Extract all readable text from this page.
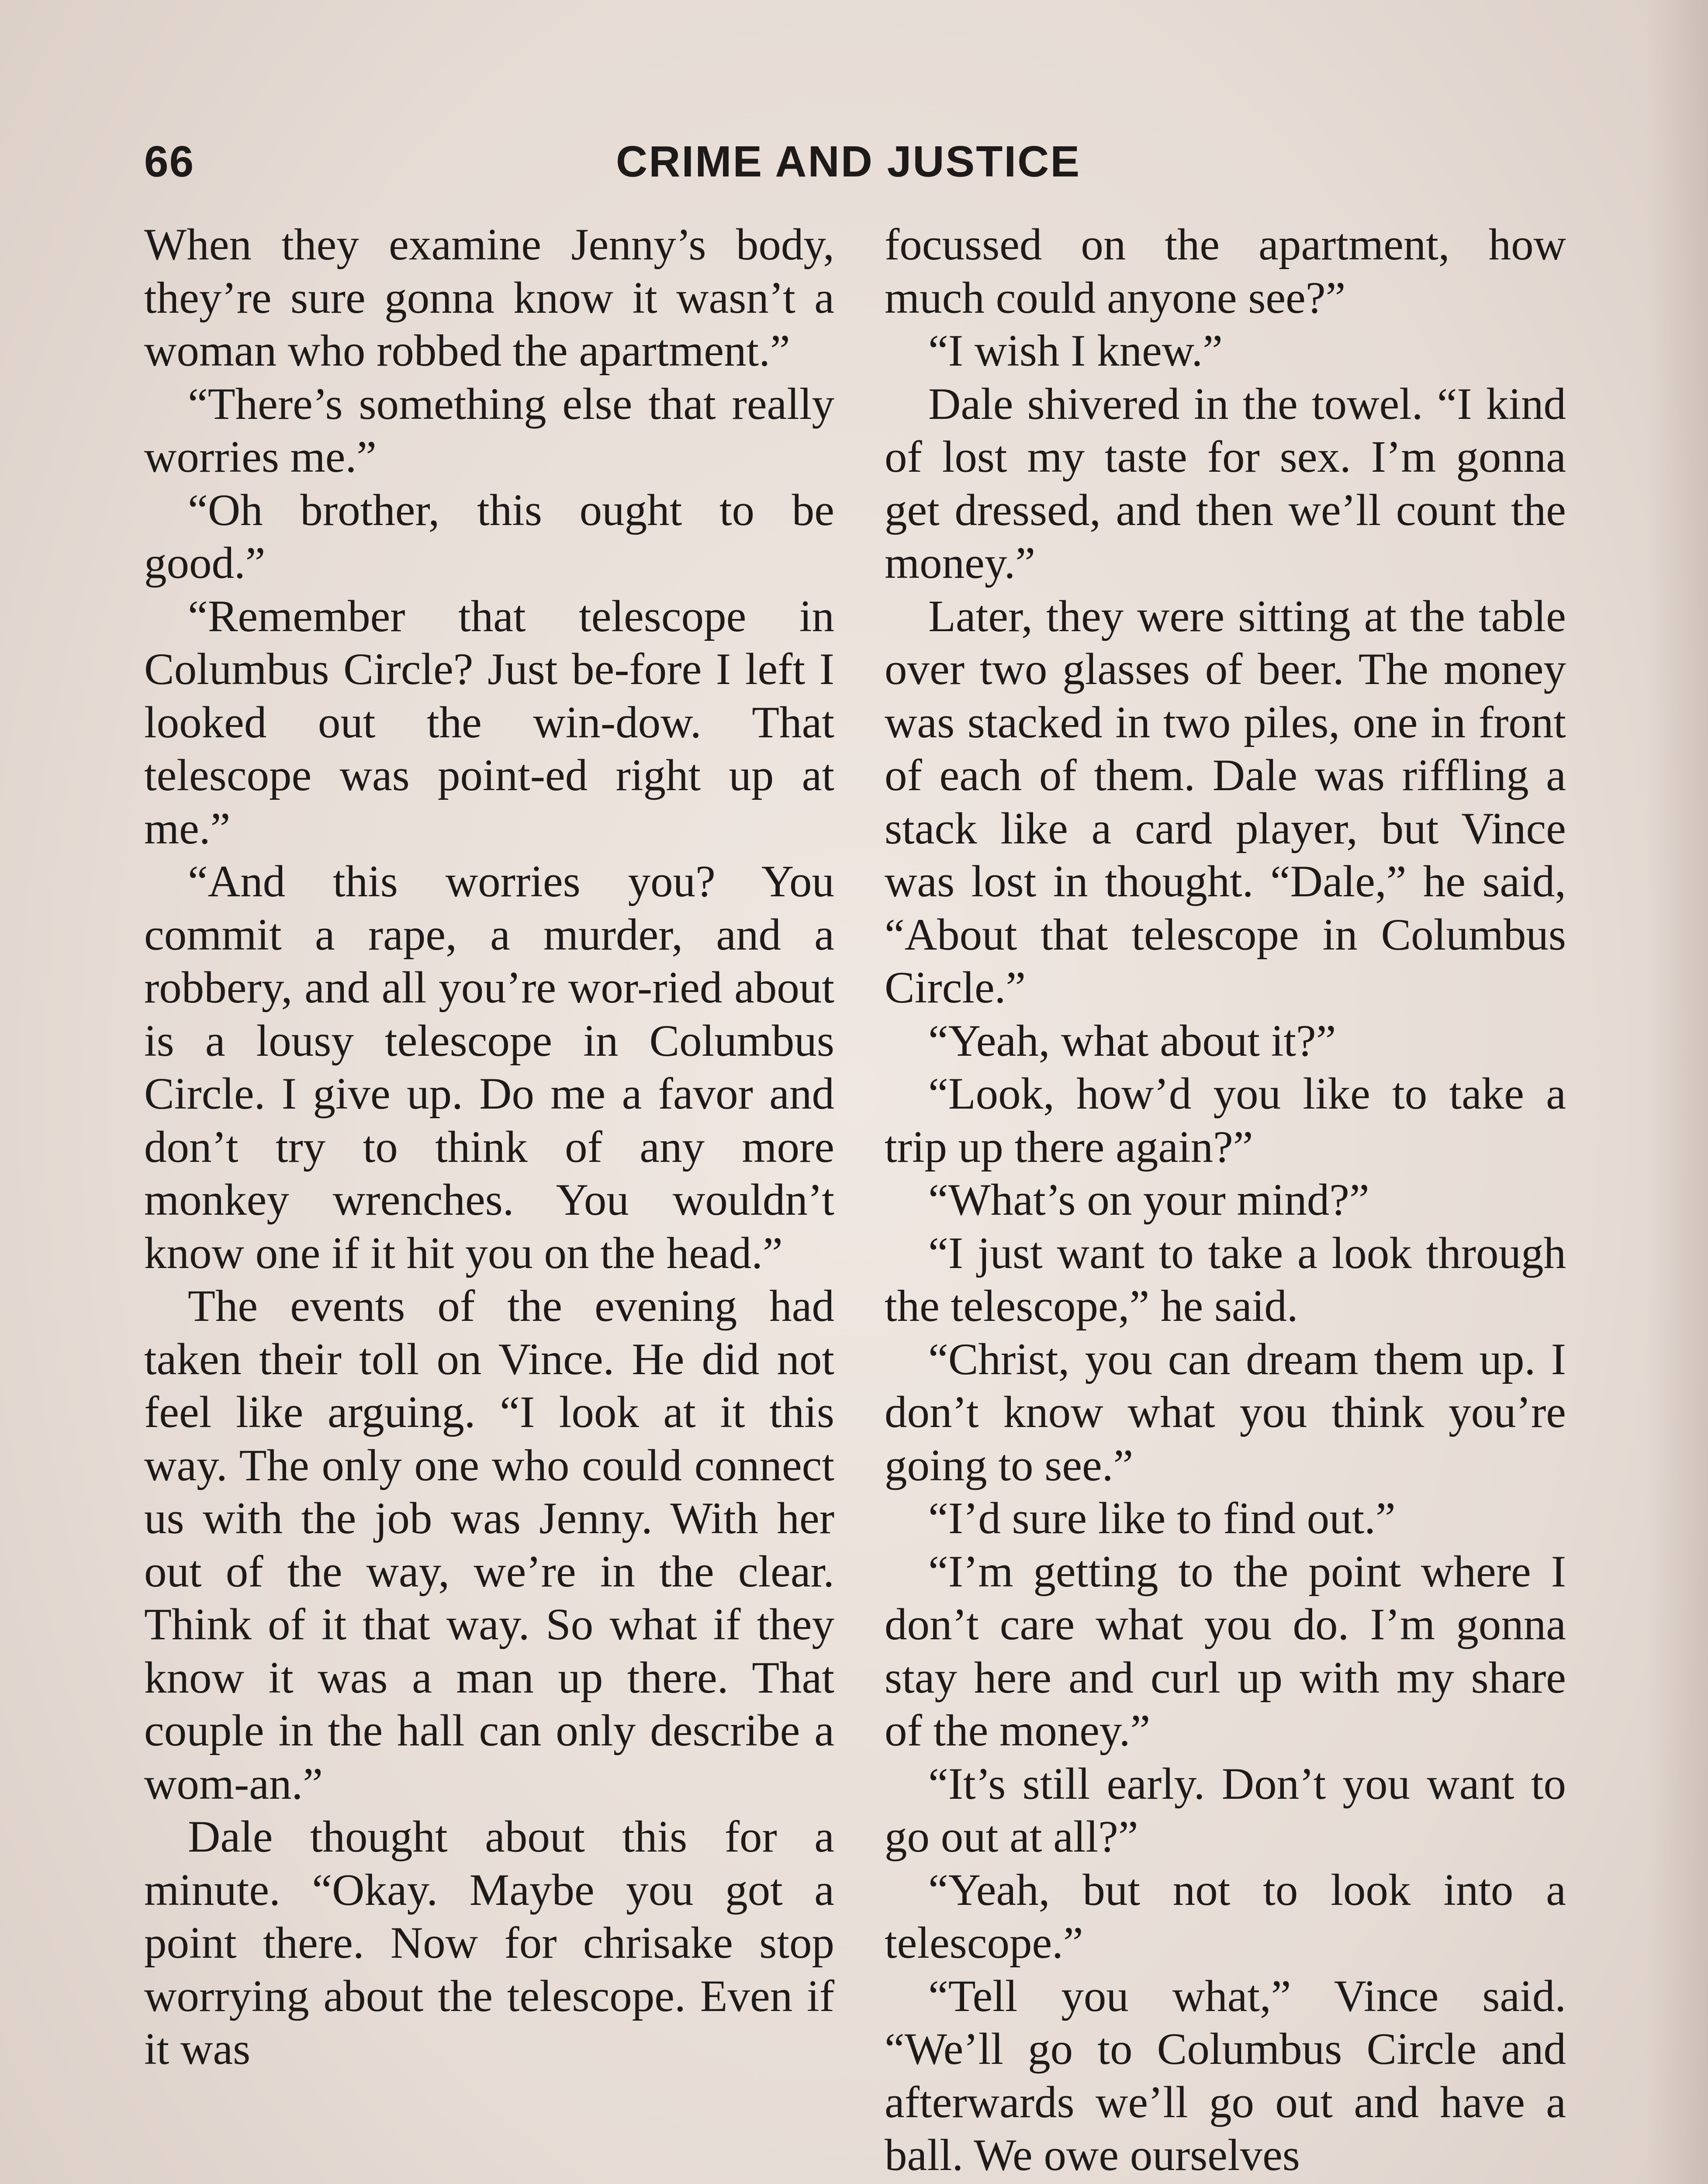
66	CRIME AND JUSTICE

When they examine Jenny’s body, they’re sure gonna know it wasn’t a woman who robbed the apartment.”

“There’s something else that really worries me.”

“Oh brother, this ought to be good.”

“Remember that telescope in Columbus Circle? Just be-fore I left I looked out the win-dow. That telescope was point-ed right up at me.”

“And this worries you? You commit a rape, a murder, and a robbery, and all you’re wor-ried about is a lousy telescope in Columbus Circle. I give up. Do me a favor and don’t try to think of any more monkey wrenches. You wouldn’t know one if it hit you on the head.”

The events of the evening had taken their toll on Vince. He did not feel like arguing. “I look at it this way. The only one who could connect us with the job was Jenny. With her out of the way, we’re in the clear. Think of it that way. So what if they know it was a man up there. That couple in the hall can only describe a wom-an.”

Dale thought about this for a minute. “Okay. Maybe you got a point there. Now for chrisake stop worrying about the telescope. Even if it was

focussed on the apartment, how much could anyone see?”

“I wish I knew.”

Dale shivered in the towel. “I kind of lost my taste for sex. I’m gonna get dressed, and then we’ll count the money.”

Later, they were sitting at the table over two glasses of beer. The money was stacked in two piles, one in front of each of them. Dale was riffling a stack like a card player, but Vince was lost in thought. “Dale,” he said, “About that telescope in Columbus Circle.”

“Yeah, what about it?”

“Look, how’d you like to take a trip up there again?”

“What’s on your mind?”

“I just want to take a look through the telescope,” he said.

“Christ, you can dream them up. I don’t know what you think you’re going to see.”

“I’d sure like to find out.”

“I’m getting to the point where I don’t care what you do. I’m gonna stay here and curl up with my share of the money.”

“It’s still early. Don’t you want to go out at all?”

“Yeah, but not to look into a telescope.”

“Tell you what,” Vince said. “We’ll go to Columbus Circle and afterwards we’ll go out and have a ball. We owe ourselves
